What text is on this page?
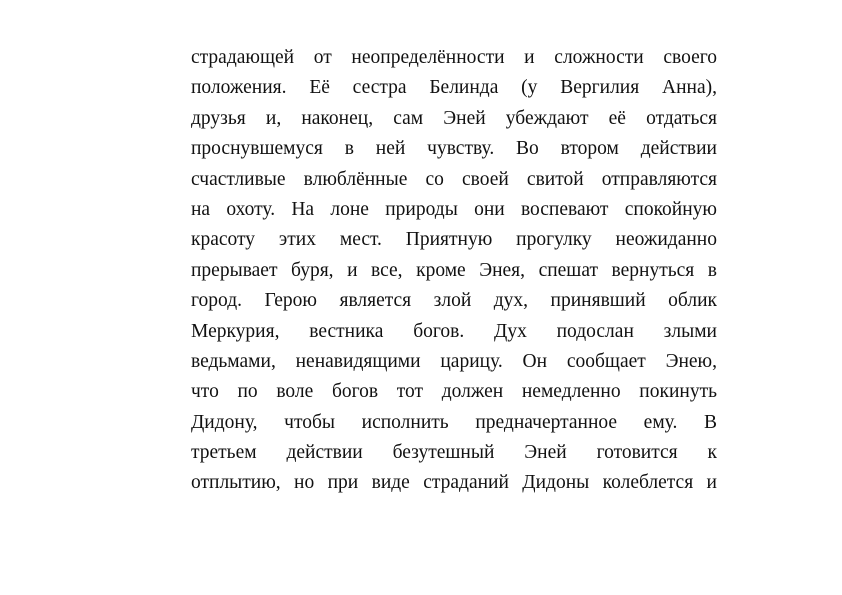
страдающей от неопределённости и сложности своего
положения. Её сестра Белинда (у Вергилия Анна),
друзья и, наконец, сам Эней убеждают её отдаться
проснувшемуся в ней чувству. Во втором действии
счастливые влюблённые со своей свитой отправляются
на охоту. На лоне природы они воспевают спокойную
красоту этих мест. Приятную прогулку неожиданно
прерывает буря, и все, кроме Энея, спешат вернуться в
город. Герою является злой дух, принявший облик
Меркурия, вестника богов. Дух подослан злыми
ведьмами, ненавидящими царицу. Он сообщает Энею,
что по воле богов тот должен немедленно покинуть
Дидону, чтобы исполнить предначертанное ему. В
третьем действии безутешный Эней готовится к
отплытию, но при виде страданий Дидоны колеблется и
